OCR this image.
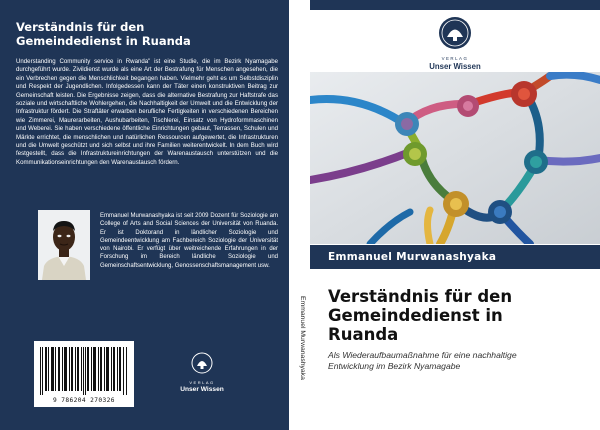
Verständnis für den
Gemeindedienst in Ruanda

Understanding Community service in Rwanda" ist eine Studie, die im Bezirk Nyamagabe durchgeführt wurde. Zivildienst wurde als eine Art der Bestrafung für Menschen angesehen, die ein Verbrechen gegen die Menschlichkeit begangen haben. Vielmehr geht es um Selbstdisziplin und Respekt der Jugendlichen. Infolgedessen kann der Täter einen konstruktiven Beitrag zur Gemeinschaft leisten. Die Ergebnisse zeigen, dass die alternative Bestrafung zur Haftstrafe das soziale und wirtschaftliche Wohlergehen, die Nachhaltigkeit der Umwelt und die Entwicklung der Infrastruktur fördert. Die Straftäter erwarben berufliche Fertigkeiten in verschiedenen Bereichen wie Zimmerei, Maurerarbeiten, Aushubarbeiten, Tischlerei, Einsatz von Hydroformmaschinen und Weberei. Sie haben verschiedene öffentliche Einrichtungen gebaut, Terrassen, Schulen und Märkte errichtet, die menschlichen und natürlichen Ressourcen aufgewertet, die Infrastrukturen und die Umwelt geschützt und sich selbst und ihre Familien weiterentwickelt. In dem Buch wird festgestellt, dass die Infrastruktureinrichtungen der Warenaustausch unterstützen und die Kommunikationseinrichtungen den Warenaustausch fördern.

Emmanuel Murwanashyaka ist seit 2009 Dozent für Soziologie am College of Arts and Social Sciences der Universität von Ruanda. Er ist Doktorand in ländlicher Soziologie und Gemeindeentwicklung am Fachbereich Soziologie der Universität von Nairobi. Er verfügt über weitreichende Erfahrungen in der Forschung im Bereich ländliche Soziologie und Gemeinschaftsentwicklung, Genossenschaftsmanagement usw.

9 786204 270326
VERLAG
Unser Wissen
Emmanuel Murwanashyaka
VERLAG
Unser Wissen
Emmanuel Murwanashyaka
Verständnis für den
Gemeindedienst in
Ruanda

Als Wiederaufbaumaßnahme für eine nachhaltige
Entwicklung im Bezirk Nyamagabe
